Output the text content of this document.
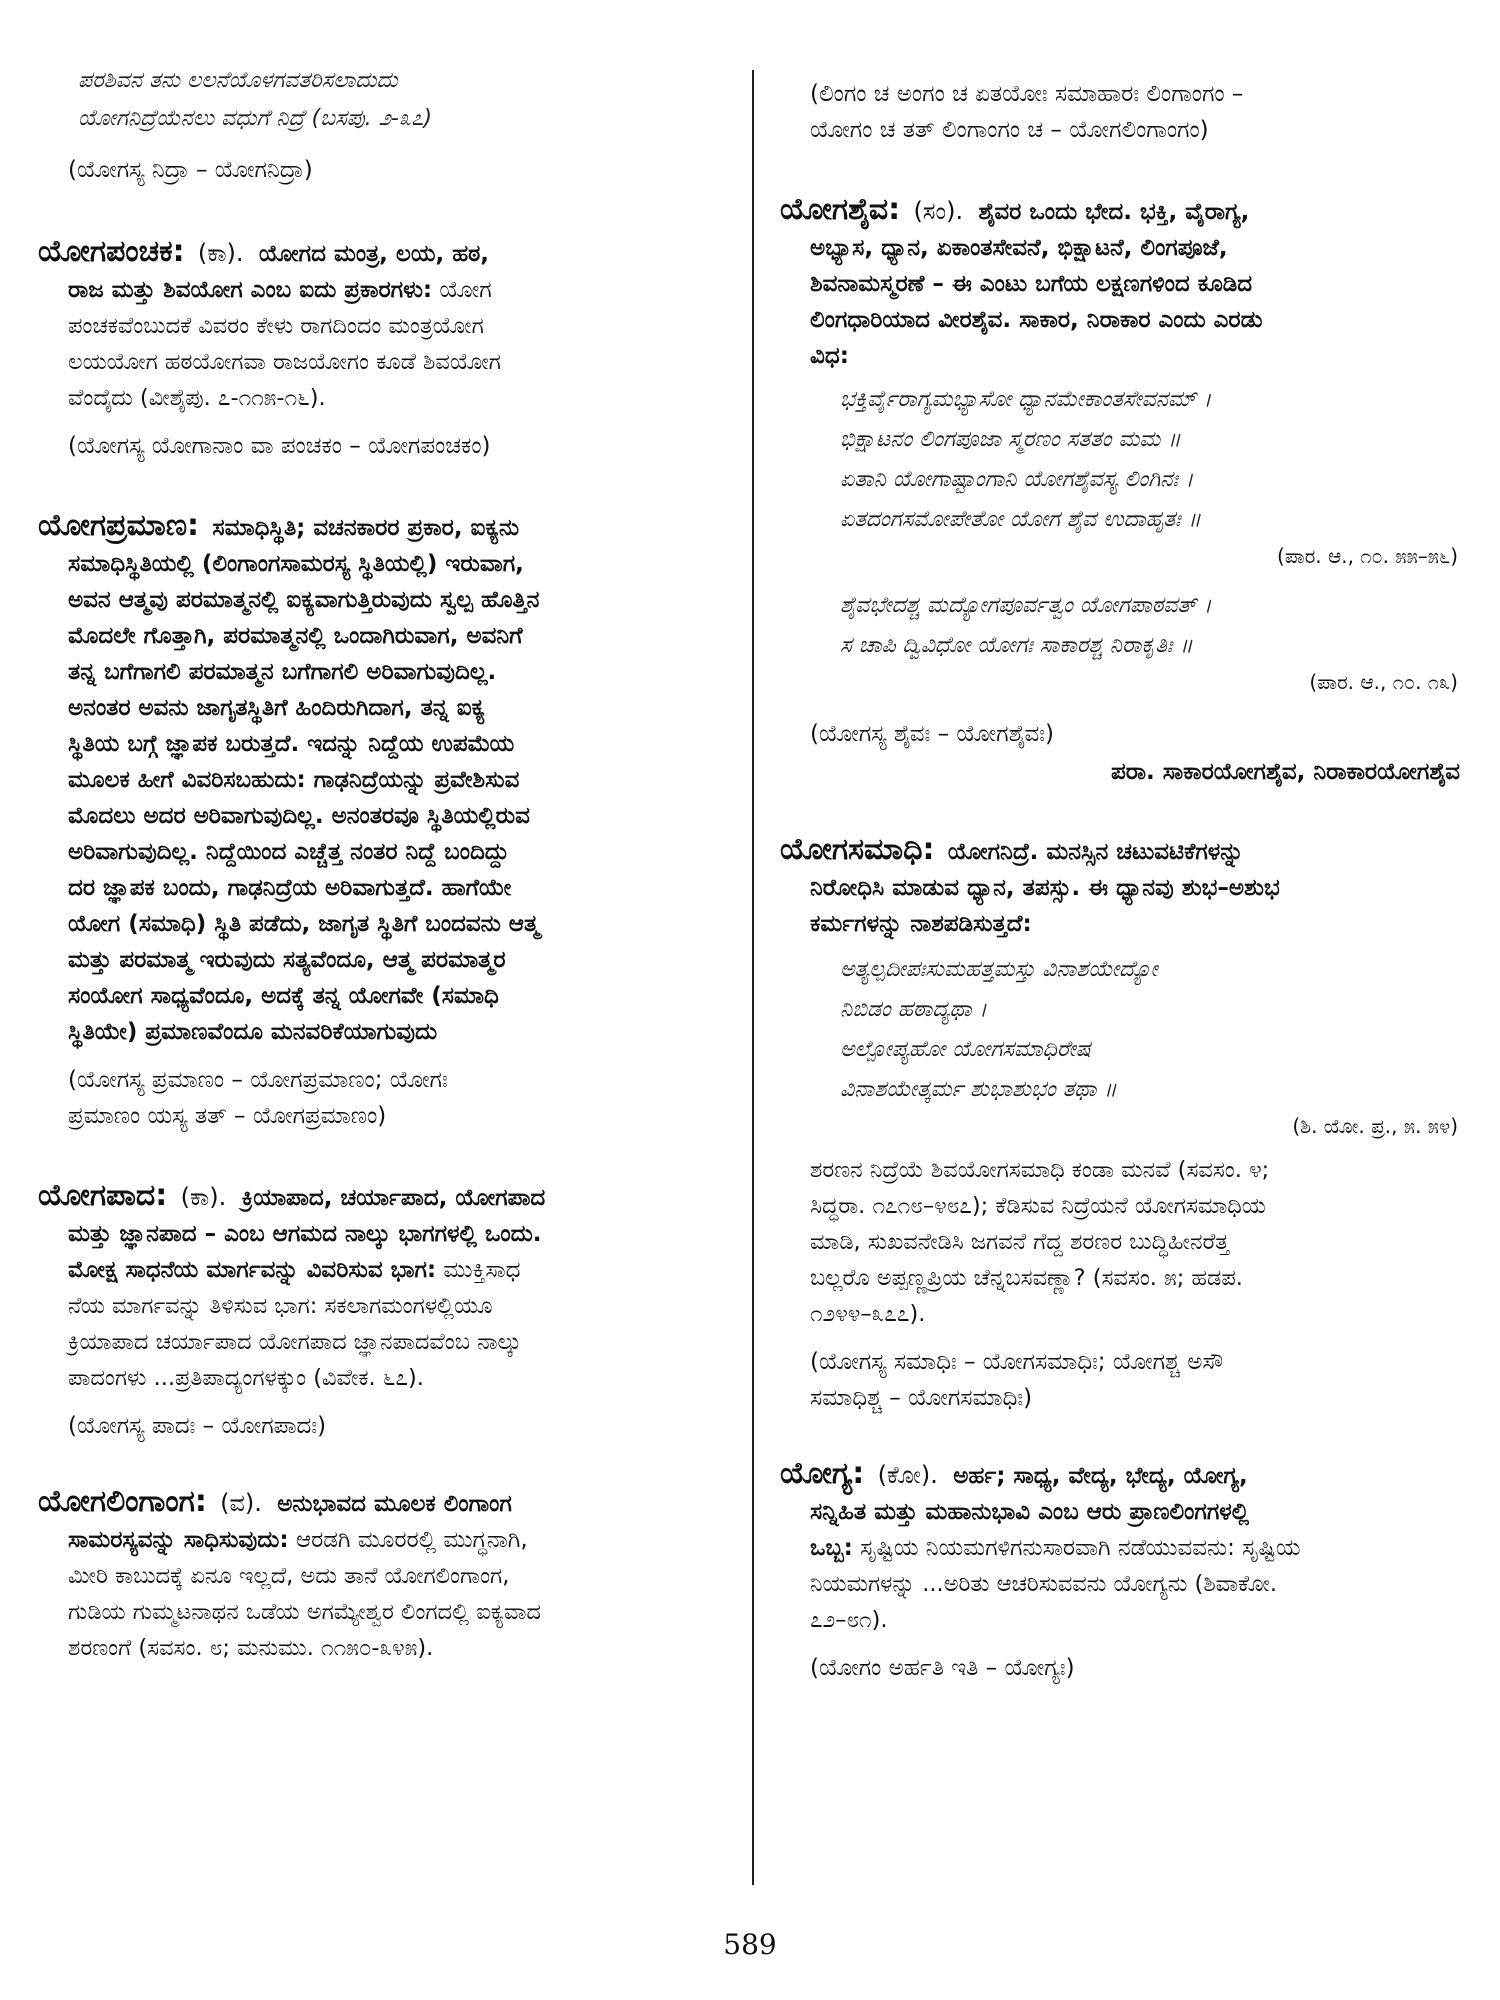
ಪರಶಿವನ ತನು ಲಲನೆಯೊಳಗವತರಿಸಲಾದುದು
ಯೋಗನಿದ್ರೆಯೆನಲು ವಧುಗೆ ನಿದ್ರೆ (ಬಸಪು. ೨-೩೭)
(ಯೋಗಸ್ಯ ನಿದ್ರಾ – ಯೋಗನಿದ್ರಾ)

ಯೋಗಪಂಚಕ: (ಕಾ). ಯೋಗದ ಮಂತ್ರ, ಲಯ, ಹಠ,

ರಾಜ ಮತ್ತು ಶಿವಯೋಗ ಎಂಬ ಐದು ಪ್ರಕಾರಗಳು: ಯೋಗ

ಪಂಚಕವೆಂಬುದಕೆ ವಿವರಂ ಕೇಳು ರಾಗದಿಂದಂ ಮಂತ್ರಯೋಗ
ಲಯಯೋಗ ಹಠಯೋಗವಾ ರಾಜಯೋಗಂ ಕೂಡೆ ಶಿವಯೋಗ
ವೆಂದೈದು (ವೀಶೈಪು. ೭-೧೧೫-೧೬).
(ಯೋಗಸ್ಯ ಯೋಗಾನಾಂ ವಾ ಪಂಚಕಂ – ಯೋಗಪಂಚಕಂ)

ಯೋಗಪ್ರಮಾಣ: ಸಮಾಧಿಸ್ಥಿತಿ; ವಚನಕಾರರ ಪ್ರಕಾರ, ಐಕ್ಯನು

ಸಮಾಧಿಸ್ಥಿತಿಯಲ್ಲಿ (ಲಿಂಗಾಂಗಸಾಮರಸ್ಯ ಸ್ಥಿತಿಯಲ್ಲಿ) ಇರುವಾಗ,
ಅವನ ಆತ್ಮವು ಪರಮಾತ್ಮನಲ್ಲಿ ಐಕ್ಯವಾಗುತ್ತಿರುವುದು ಸ್ವಲ್ಪ ಹೊತ್ತಿನ
ಮೊದಲೇ ಗೊತ್ತಾಗಿ, ಪರಮಾತ್ಮನಲ್ಲಿ ಒಂದಾಗಿರುವಾಗ, ಅವನಿಗೆ
ತನ್ನ ಬಗೆಗಾಗಲಿ ಪರಮಾತ್ಮನ ಬಗೆಗಾಗಲಿ ಅರಿವಾಗುವುದಿಲ್ಲ.
ಅನಂತರ ಅವನು ಜಾಗೃತಸ್ಥಿತಿಗೆ ಹಿಂದಿರುಗಿದಾಗ, ತನ್ನ ಐಕ್ಯ
ಸ್ಥಿತಿಯ ಬಗ್ಗೆ ಜ್ಞಾಪಕ ಬರುತ್ತದೆ. ಇದನ್ನು ನಿದ್ದೆಯ ಉಪಮೆಯ
ಮೂಲಕ ಹೀಗೆ ವಿವರಿಸಬಹುದು: ಗಾಢನಿದ್ರೆಯನ್ನು ಪ್ರವೇಶಿಸುವ
ಮೊದಲು ಅದರ ಅರಿವಾಗುವುದಿಲ್ಲ. ಅನಂತರವೂ ಸ್ಥಿತಿಯಲ್ಲಿರುವ
ಅರಿವಾಗುವುದಿಲ್ಲ. ನಿದ್ದೆಯಿಂದ ಎಚ್ಚೆತ್ತ ನಂತರ ನಿದ್ದೆ ಬಂದಿದ್ದು
ದರ ಜ್ಞಾಪಕ ಬಂದು, ಗಾಢನಿದ್ರೆಯ ಅರಿವಾಗುತ್ತದೆ. ಹಾಗೆಯೇ
ಯೋಗ (ಸಮಾಧಿ) ಸ್ಥಿತಿ ಪಡೆದು, ಜಾಗೃತ ಸ್ಥಿತಿಗೆ ಬಂದವನು ಆತ್ಮ
ಮತ್ತು ಪರಮಾತ್ಮ ಇರುವುದು ಸತ್ಯವೆಂದೂ, ಆತ್ಮ ಪರಮಾತ್ಮರ
ಸಂಯೋಗ ಸಾಧ್ಯವೆಂದೂ, ಅದಕ್ಕೆ ತನ್ನ ಯೋಗವೇ (ಸಮಾಧಿ
ಸ್ಥಿತಿಯೇ) ಪ್ರಮಾಣವೆಂದೂ ಮನವರಿಕೆಯಾಗುವುದು
(ಯೋಗಸ್ಯ ಪ್ರಮಾಣಂ – ಯೋಗಪ್ರಮಾಣಂ; ಯೋಗಃ
ಪ್ರಮಾಣಂ ಯಸ್ಯ ತತ್ – ಯೋಗಪ್ರಮಾಣಂ)

ಯೋಗಪಾದ: (ಕಾ). ಕ್ರಿಯಾಪಾದ, ಚರ್ಯಾಪಾದ, ಯೋಗಪಾದ

ಮತ್ತು ಜ್ಞಾನಪಾದ – ಎಂಬ ಆಗಮದ ನಾಲ್ಕು ಭಾಗಗಳಲ್ಲಿ ಒಂದು.

ಮೋಕ್ಷ ಸಾಧನೆಯ ಮಾರ್ಗವನ್ನು ವಿವರಿಸುವ ಭಾಗ: ಮುಕ್ತಿಸಾಧ

ನೆಯ ಮಾರ್ಗವನ್ನು ತಿಳಿಸುವ ಭಾಗ: ಸಕಲಾಗಮಂಗಳಲ್ಲಿಯೂ
ಕ್ರಿಯಾಪಾದ ಚರ್ಯಾಪಾದ ಯೋಗಪಾದ ಜ್ಞಾನಪಾದವೆಂಬ ನಾಲ್ಕು
ಪಾದಂಗಳು ...ಪ್ರತಿಪಾದ್ಯಂಗಳಕ್ಕುಂ (ವಿವೇಕ. ೬೭).
(ಯೋಗಸ್ಯ ಪಾದಃ – ಯೋಗಪಾದಃ)

ಯೋಗಲಿಂಗಾಂಗ: (ವ). ಅನುಭಾವದ ಮೂಲಕ ಲಿಂಗಾಂಗ

ಸಾಮರಸ್ಯವನ್ನು ಸಾಧಿಸುವುದು: ಆರಡಗಿ ಮೂರರಲ್ಲಿ ಮುಗ್ಧನಾಗಿ,

ಮೀರಿ ಕಾಬುದಕ್ಕೆ ಏನೂ ಇಲ್ಲದೆ, ಅದು ತಾನೆ ಯೋಗಲಿಂಗಾಂಗ,
ಗುಡಿಯ ಗುಮ್ಮಟನಾಥನ ಒಡೆಯ ಅಗಮ್ಯೇಶ್ವರ ಲಿಂಗದಲ್ಲಿ ಐಕ್ಯವಾದ
ಶರಣಂಗೆ (ಸವಸಂ. ೮; ಮನುಮು. ೧೧೫೦-೩೪೫).
(ಲಿಂಗಂ ಚ ಅಂಗಂ ಚ ಏತಯೋಃ ಸಮಾಹಾರಃ ಲಿಂಗಾಂಗಂ –
ಯೋಗಂ ಚ ತತ್ ಲಿಂಗಾಂಗಂ ಚ – ಯೋಗಲಿಂಗಾಂಗಂ)

ಯೋಗಶೈವ: (ಸಂ). ಶೈವರ ಒಂದು ಭೇದ. ಭಕ್ತಿ, ವೈರಾಗ್ಯ,

ಅಭ್ಯಾಸ, ಧ್ಯಾನ, ಏಕಾಂತಸೇವನೆ, ಭಿಕ್ಷಾಟನೆ, ಲಿಂಗಪೂಜೆ,
ಶಿವನಾಮಸ್ಮರಣೆ – ಈ ಎಂಟು ಬಗೆಯ ಲಕ್ಷಣಗಳಿಂದ ಕೂಡಿದ
ಲಿಂಗಧಾರಿಯಾದ ವೀರಶೈವ. ಸಾಕಾರ, ನಿರಾಕಾರ ಎಂದು ಎರಡು
ವಿಧ:
ಭಕ್ತಿರ್ವೈರಾಗ್ಯಮಭ್ಯಾಸೋ ಧ್ಯಾನಮೇಕಾಂತಸೇವನಮ್ ।
ಭಿಕ್ಷಾಟನಂ ಲಿಂಗಪೂಜಾ ಸ್ಮರಣಂ ಸತತಂ ಮಮ ॥
ಏತಾನಿ ಯೋಗಾಷ್ಟಾಂಗಾನಿ ಯೋಗಶೈವಸ್ಯ ಲಿಂಗಿನಃ ।
ಏತದಂಗಸಮೋಪೇತೋ ಯೋಗ ಶೈವ ಉದಾಹೃತಃ ॥
(ಪಾರ. ಆ., ೧೦. ೫೫–೫೬)
ಶೈವಭೇದಶ್ಚ ಮದ್ಯೋಗಪೂರ್ವತ್ವಂ ಯೋಗಪಾಠವತ್ ।
ಸ ಚಾಪಿ ದ್ವಿವಿಧೋ ಯೋಗಃ ಸಾಕಾರಶ್ಚ ನಿರಾಕೃತಿಃ ॥
(ಪಾರ. ಆ., ೧೦. ೧೩)
(ಯೋಗಸ್ಯ ಶೈವಃ – ಯೋಗಶೈವಃ)
ಪರಾ. ಸಾಕಾರಯೋಗಶೈವ, ನಿರಾಕಾರಯೋಗಶೈವ

ಯೋಗಸಮಾಧಿ: ಯೋಗನಿದ್ರೆ. ಮನಸ್ಸಿನ ಚಟುವಟಿಕೆಗಳನ್ನು

ನಿರೋಧಿಸಿ ಮಾಡುವ ಧ್ಯಾನ, ತಪಸ್ಸು. ಈ ಧ್ಯಾನವು ಶುಭ–ಅಶುಭ
ಕರ್ಮಗಳನ್ನು ನಾಶಪಡಿಸುತ್ತದೆ:
ಅತ್ಯಲ್ಪದೀಪಃಸುಮಹತ್ತಮಸ್ತು ವಿನಾಶಯೇದ್ಯೋ
ನಿಬಿಡಂ ಹಠಾದ್ಯಥಾ ।
ಅಲ್ಪೋಪ್ಯಹೋ ಯೋಗಸಮಾಧಿರೇಷ
ವಿನಾಶಯೇತ್ಕರ್ಮ ಶುಭಾಶುಭಂ ತಥಾ ॥
(ಶಿ. ಯೋ. ಪ್ರ., ೫. ೫೪)
ಶರಣನ ನಿದ್ರೆಯೆ ಶಿವಯೋಗಸಮಾಧಿ ಕಂಡಾ ಮನವೆ (ಸವಸಂ. ೪;
ಸಿದ್ಧರಾ. ೧೭೧೮–೪೮೭); ಕೆಡಿಸುವ ನಿದ್ರೆಯನೆ ಯೋಗಸಮಾಧಿಯ
ಮಾಡಿ, ಸುಖವನೇಡಿಸಿ ಜಗವನೆ ಗೆದ್ದ ಶರಣರ ಬುದ್ಧಿಹೀನರೆತ್ತ
ಬಲ್ಲರೊ ಅಪ್ಪಣ್ಣಪ್ರಿಯ ಚೆನ್ನಬಸವಣ್ಣಾ? (ಸವಸಂ. ೫; ಹಡಪ.
೧೨೪೪–೩೭೭).
(ಯೋಗಸ್ಯ ಸಮಾಧಿಃ – ಯೋಗಸಮಾಧಿಃ; ಯೋಗಶ್ಚ ಅಸೌ
ಸಮಾಧಿಶ್ಚ – ಯೋಗಸಮಾಧಿಃ)

ಯೋಗ್ಯ: (ಕೋ). ಅರ್ಹ; ಸಾಧ್ಯ, ವೇದ್ಯ, ಭೇದ್ಯ, ಯೋಗ್ಯ,

ಸನ್ನಿಹಿತ ಮತ್ತು ಮಹಾನುಭಾವಿ ಎಂಬ ಆರು ಪ್ರಾಣಲಿಂಗಗಳಲ್ಲಿ

ಒಬ್ಬ: ಸೃಷ್ಟಿಯ ನಿಯಮಗಳಿಗನುಸಾರವಾಗಿ ನಡೆಯುವವನು: ಸೃಷ್ಟಿಯ

ನಿಯಮಗಳನ್ನು ...ಅರಿತು ಆಚರಿಸುವವನು ಯೋಗ್ಯನು (ಶಿವಾಕೋ.
೭೨–೮೧).
(ಯೋಗಂ ಅರ್ಹತಿ ಇತಿ – ಯೋಗ್ಯಃ)
589
